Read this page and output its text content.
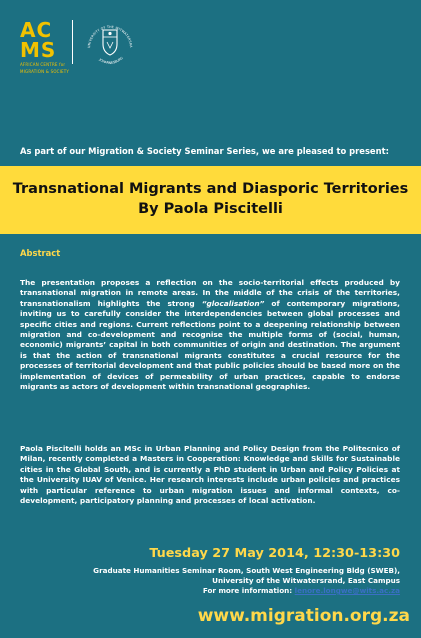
AC
MS
AFRICAN CENTRE for
MIGRATION & SOCIETY
UNIVERSITY OF THE WITWATERSRA
JOHANNESBURG
As part of our Migration & Society Seminar Series, we are pleased to present:
Transnational Migrants and Diasporic Territories
By Paola Piscitelli
Abstract
The presentation proposes a reflection on the socio-territorial effects produced by transnational migration in remote areas. In the middle of the crisis of the territories, transnationalism highlights the strong “glocalisation” of contemporary migrations, inviting us to carefully consider the interdependencies between global processes and specific cities and regions. Current reflections point to a deepening relationship between migration and co-development and recognise the multiple forms of (social, human, economic) migrants’ capital in both communities of origin and destination. The argument is that the action of transnational migrants constitutes a crucial resource for the processes of territorial development and that public policies should be based more on the implementation of devices of permeability of urban practices, capable to endorse migrants as actors of development within transnational geographies.
Paola Piscitelli holds an MSc in Urban Planning and Policy Design from the Politecnico of Milan, recently completed a Masters in Cooperation: Knowledge and Skills for Sustainable cities in the Global South, and is currently a PhD student in Urban and Policy Policies at the University IUAV of Venice. Her research interests include urban policies and practices with particular reference to urban migration issues and informal contexts, co-development, participatory planning and processes of local activation.
Tuesday 27 May 2014, 12:30-13:30
Graduate Humanities Seminar Room, South West Engineering Bldg (SWEB),
University of the Witwatersrand, East Campus
For more information: lenore.longwe@wits.ac.za
www.migration.org.za
